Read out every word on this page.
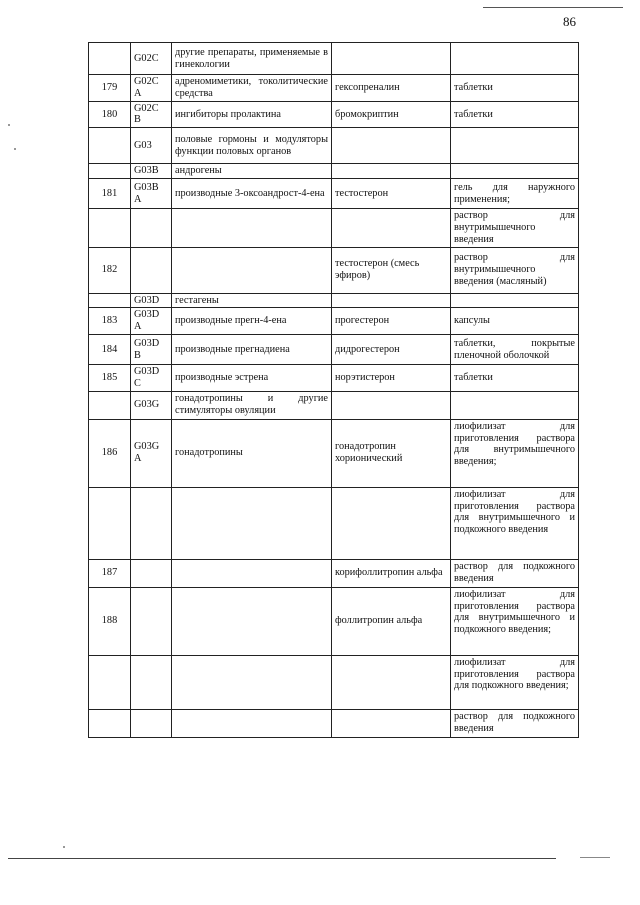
86
	G02C	другие препараты, применяемые в гинекологии		
179	G02C A	адреномиметики, токолитические средства	гексопреналин	таблетки
180	G02C B	ингибиторы пролактина	бромокриптин	таблетки
	G03	половые гормоны и модуляторы функции половых органов		
	G03B	андрогены		
181	G03B A	производные 3-оксоандрост-4-ена	тестостерон	гель для наружного применения;
				раствор для внутримышечного введения
182			тестостерон (смесь эфиров)	раствор для внутримышечного введения (масляный)
	G03D	гестагены		
183	G03D A	производные прегн-4-ена	прогестерон	капсулы
184	G03D B	производные прегнадиена	дидрогестерон	таблетки, покрытые пленочной оболочкой
185	G03D C	производные эстрена	норэтистерон	таблетки
	G03G	гонадотропины и другие стимуляторы овуляции		
186	G03G A	гонадотропины	гонадотропин хорионический	лиофилизат для приготовления раствора для внутримышечного введения;
				лиофилизат для приготовления раствора для внутримышечного и подкожного введения
187			корифоллитропин альфа	раствор для подкожного введения
188			фоллитропин альфа	лиофилизат для приготовления раствора для внутримышечного и подкожного введения;
				лиофилизат для приготовления раствора для подкожного введения;
				раствор для подкожного введения
